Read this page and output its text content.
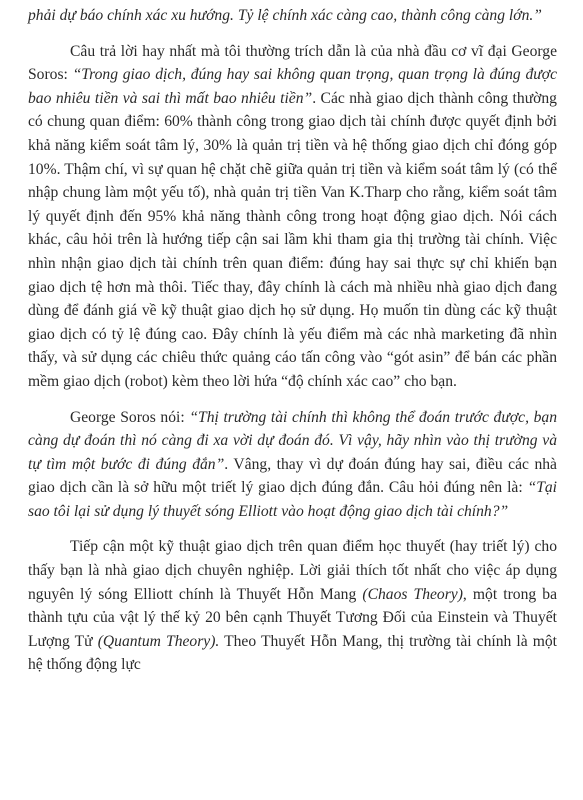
phải dự báo chính xác xu hướng. Tỷ lệ chính xác càng cao, thành công càng lớn.”

Câu trả lời hay nhất mà tôi thường trích dẫn là của nhà đầu cơ vĩ đại George Soros: “Trong giao dịch, đúng hay sai không quan trọng, quan trọng là đúng được bao nhiêu tiền và sai thì mất bao nhiêu tiền”. Các nhà giao dịch thành công thường có chung quan điểm: 60% thành công trong giao dịch tài chính được quyết định bởi khả năng kiểm soát tâm lý, 30% là quản trị tiền và hệ thống giao dịch chỉ đóng góp 10%. Thậm chí, vì sự quan hệ chặt chẽ giữa quản trị tiền và kiểm soát tâm lý (có thể nhập chung làm một yếu tố), nhà quản trị tiền Van K.Tharp cho rằng, kiểm soát tâm lý quyết định đến 95% khả năng thành công trong hoạt động giao dịch. Nói cách khác, câu hỏi trên là hướng tiếp cận sai lầm khi tham gia thị trường tài chính. Việc nhìn nhận giao dịch tài chính trên quan điểm: đúng hay sai thực sự chỉ khiến bạn giao dịch tệ hơn mà thôi. Tiếc thay, đây chính là cách mà nhiều nhà giao dịch đang dùng để đánh giá về kỹ thuật giao dịch họ sử dụng. Họ muốn tin dùng các kỹ thuật giao dịch có tỷ lệ đúng cao. Đây chính là yếu điểm mà các nhà marketing đã nhìn thấy, và sử dụng các chiêu thức quảng cáo tấn công vào “gót asin” để bán các phần mềm giao dịch (robot) kèm theo lời hứa “độ chính xác cao” cho bạn.

George Soros nói: “Thị trường tài chính thì không thể đoán trước được, bạn càng dự đoán thì nó càng đi xa vời dự đoán đó. Vì vậy, hãy nhìn vào thị trường và tự tìm một bước đi đúng đắn”. Vâng, thay vì dự đoán đúng hay sai, điều các nhà giao dịch cần là sở hữu một triết lý giao dịch đúng đắn. Câu hỏi đúng nên là: “Tại sao tôi lại sử dụng lý thuyết sóng Elliott vào hoạt động giao dịch tài chính?”

Tiếp cận một kỹ thuật giao dịch trên quan điểm học thuyết (hay triết lý) cho thấy bạn là nhà giao dịch chuyên nghiệp. Lời giải thích tốt nhất cho việc áp dụng nguyên lý sóng Elliott chính là Thuyết Hỗn Mang (Chaos Theory), một trong ba thành tựu của vật lý thế kỷ 20 bên cạnh Thuyết Tương Đối của Einstein và Thuyết Lượng Tử (Quantum Theory). Theo Thuyết Hỗn Mang, thị trường tài chính là một hệ thống động lực
